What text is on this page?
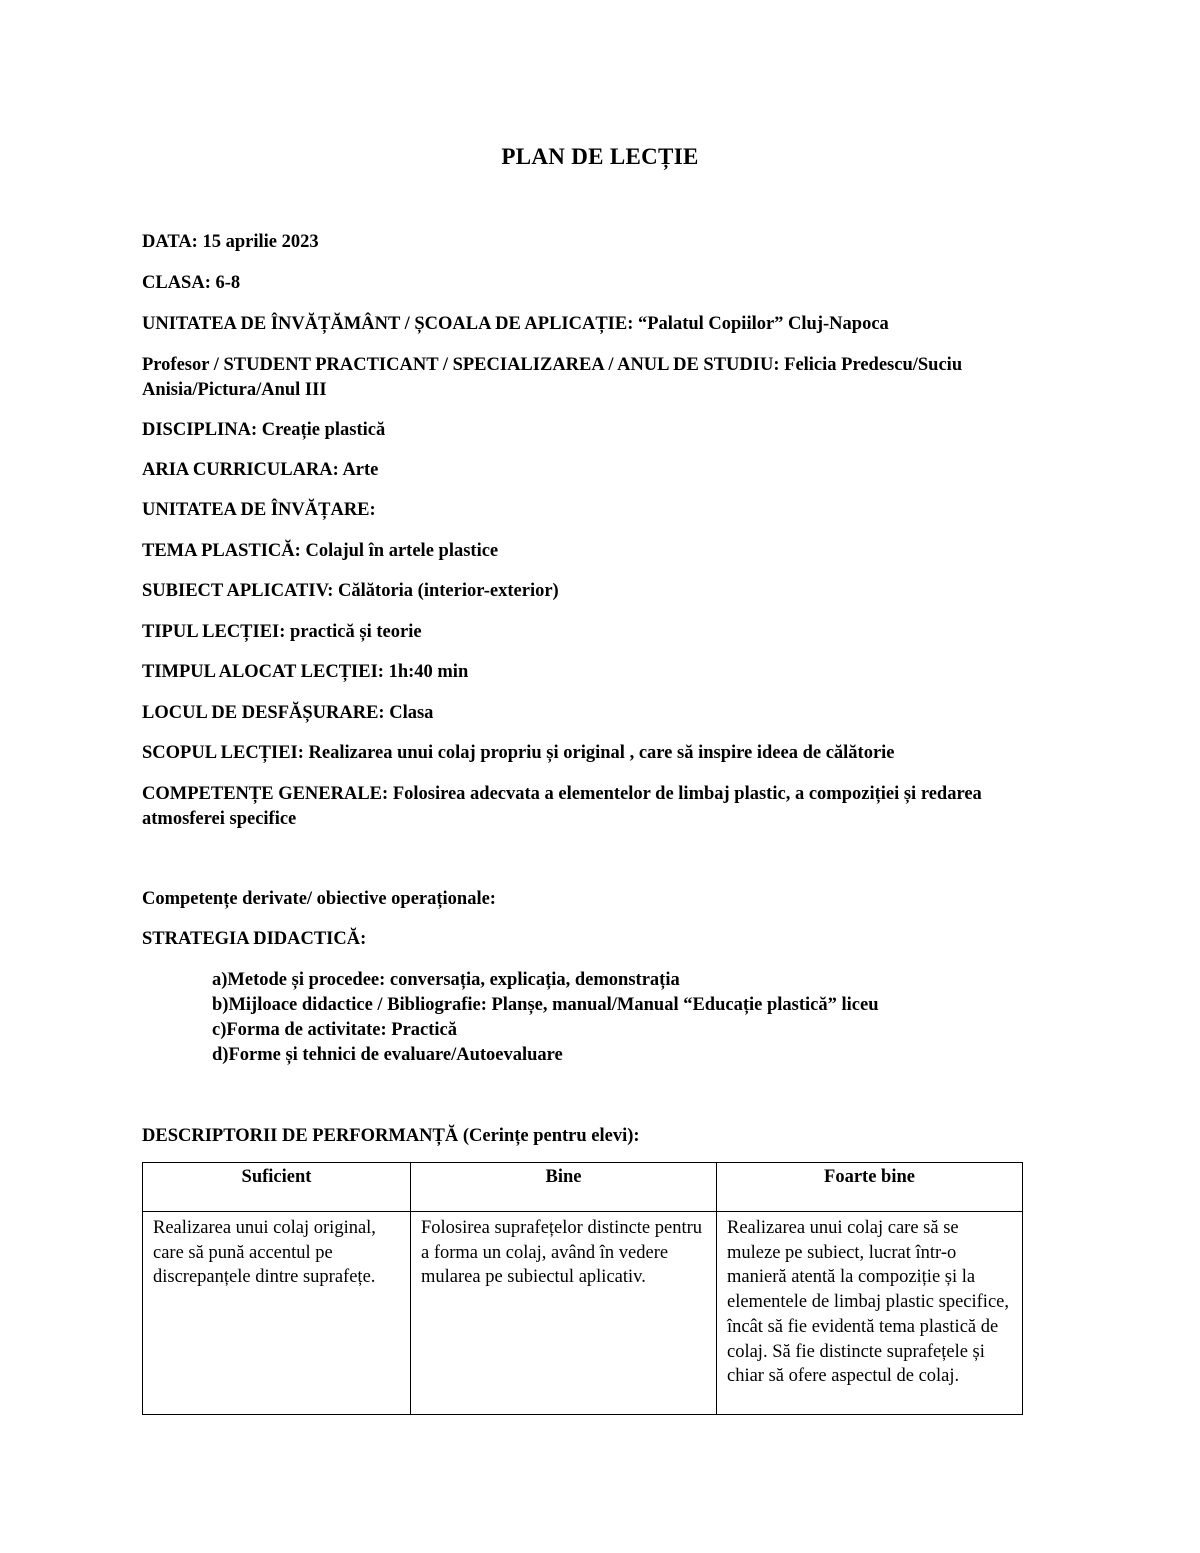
PLAN DE LECȚIE
DATA: 15 aprilie 2023
CLASA: 6-8
UNITATEA DE ÎNVĂȚĂMÂNT / ȘCOALA DE APLICAȚIE: “Palatul Copiilor” Cluj-Napoca
Profesor / STUDENT PRACTICANT / SPECIALIZAREA / ANUL DE STUDIU: Felicia Predescu/Suciu Anisia/Pictura/Anul III
DISCIPLINA: Creație plastică
ARIA CURRICULARA: Arte
UNITATEA DE ÎNVĂȚARE:
TEMA PLASTICĂ: Colajul în artele plastice
SUBIECT APLICATIV: Călătoria (interior-exterior)
TIPUL LECȚIEI: practică și teorie
TIMPUL ALOCAT LECȚIEI: 1h:40 min
LOCUL DE DESFĂȘURARE: Clasa
SCOPUL LECȚIEI: Realizarea unui colaj propriu și original , care să inspire ideea de călătorie
COMPETENȚE GENERALE: Folosirea adecvata a elementelor de limbaj plastic, a compoziției și redarea atmosferei specifice
Competențe derivate/ obiective operaționale:
STRATEGIA DIDACTICĂ:
a)Metode și procedee: conversația, explicația, demonstrația
b)Mijloace didactice / Bibliografie: Planșe, manual/Manual “Educație plastică” liceu
c)Forma de activitate: Practică
d)Forme și tehnici de evaluare/Autoevaluare
DESCRIPTORII DE PERFORMANȚĂ (Cerințe pentru elevi):
Suficient	Bine	Foarte bine
Realizarea unui colaj original, care să pună accentul pe discrepanțele dintre suprafețe.	Folosirea suprafețelor distincte pentru a forma un colaj, având în vedere mularea pe subiectul aplicativ.	Realizarea unui colaj care să se muleze pe subiect, lucrat într-o manieră atentă la compoziție și la elementele de limbaj plastic specifice, încât să fie evidentă tema plastică de colaj. Să fie distincte suprafețele și chiar să ofere aspectul de colaj.
